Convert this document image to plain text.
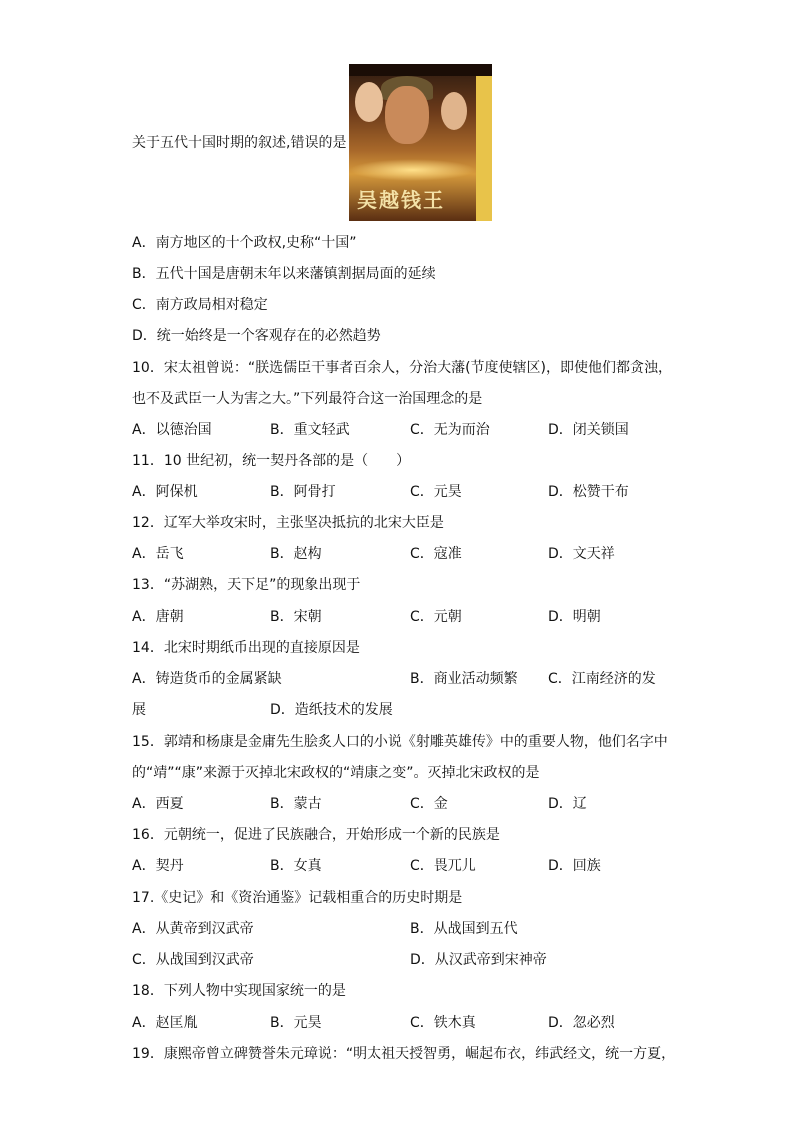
关于五代十国时期的叙述,错误的是
吴越钱王
A．南方地区的十个政权,史称“十国”
B．五代十国是唐朝末年以来藩镇割据局面的延续
C．南方政局相对稳定
D．统一始终是一个客观存在的必然趋势
10．宋太祖曾说：“朕选儒臣干事者百余人，分治大藩(节度使辖区)，即使他们都贪浊，
也不及武臣一人为害之大。”下列最符合这一治国理念的是
A．以德治国	B．重文轻武	C．无为而治	D．闭关锁国
11．10 世纪初，统一契丹各部的是（　　）
A．阿保机	B．阿骨打	C．元昊	D．松赞干布
12．辽军大举攻宋时，主张坚决抵抗的北宋大臣是
A．岳飞	B．赵构	C．寇准	D．文天祥
13．“苏湖熟，天下足”的现象出现于
A．唐朝	B．宋朝	C．元朝	D．明朝
14．北宋时期纸币出现的直接原因是
A．铸造货币的金属紧缺	B．商业活动频繁 C．江南经济的发
展	D．造纸技术的发展
15．郭靖和杨康是金庸先生脍炙人口的小说《射雕英雄传》中的重要人物，他们名字中
的“靖”“康”来源于灭掉北宋政权的“靖康之变”。灭掉北宋政权的是
A．西夏	B．蒙古	C．金	D．辽
16．元朝统一，促进了民族融合，开始形成一个新的民族是
A．契丹	B．女真	C．畏兀儿	D．回族
17.《史记》和《资治通鉴》记载相重合的历史时期是
A．从黄帝到汉武帝	B．从战国到五代
C．从战国到汉武帝	D．从汉武帝到宋神帝
18．下列人物中实现国家统一的是
A．赵匡胤	B．元昊	C．铁木真	D．忽必烈
19．康熙帝曾立碑赞誉朱元璋说：“明太祖天授智勇，崛起布衣，纬武经文，统一方夏，
